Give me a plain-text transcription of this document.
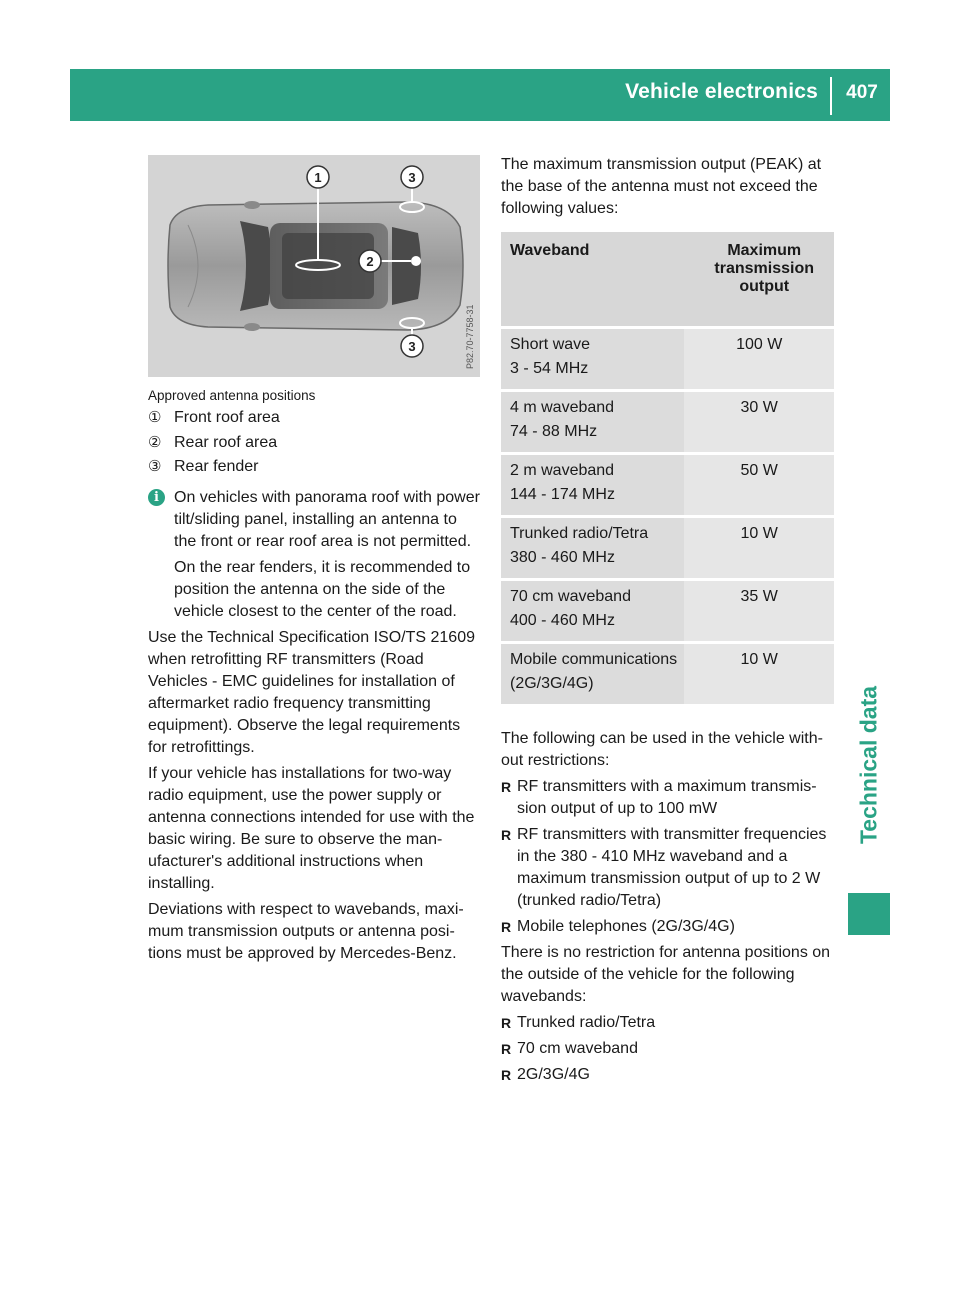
Vehicle electronics	407
Technical data
1
2
3
3	P82.70-7758-31
Approved antenna positions
① Front roof area
② Rear roof area
③ Rear fender
i On vehicles with panorama roof with power tilt/sliding panel, installing an antenna to the front or rear roof area is not permitted.

On the rear fenders, it is recommended to position the antenna on the side of the vehicle closest to the center of the road.

Use the Technical Specification ISO/TS 21609 when retrofitting RF transmitters (Road Vehicles - EMC guidelines for installation of aftermarket radio frequency transmitting equipment). Observe the legal requirements for retrofittings.

If your vehicle has installations for two-way radio equipment, use the power supply or antenna connections intended for use with the basic wiring. Be sure to observe the manufacturer's additional instructions when installing.

Deviations with respect to wavebands, maximum transmission outputs or antenna positions must be approved by Mercedes-Benz.

The maximum transmission output (PEAK) at the base of the antenna must not exceed the following values:

Waveband	Maximum transmission output

Short wave
3 - 54 MHz	100 W

4 m waveband
74 - 88 MHz	30 W

2 m waveband
144 - 174 MHz	50 W

Trunked radio/Tetra
380 - 460 MHz	10 W

70 cm waveband
400 - 460 MHz	35 W

Mobile communications
(2G/3G/4G)	10 W

The following can be used in the vehicle without restrictions:

R RF transmitters with a maximum transmission output of up to 100 mW
R RF transmitters with transmitter frequencies in the 380 - 410 MHz waveband and a maximum transmission output of up to 2 W (trunked radio/Tetra)
R Mobile telephones (2G/3G/4G)

There is no restriction for antenna positions on the outside of the vehicle for the following wavebands:

R Trunked radio/Tetra
R 70 cm waveband
R 2G/3G/4G
